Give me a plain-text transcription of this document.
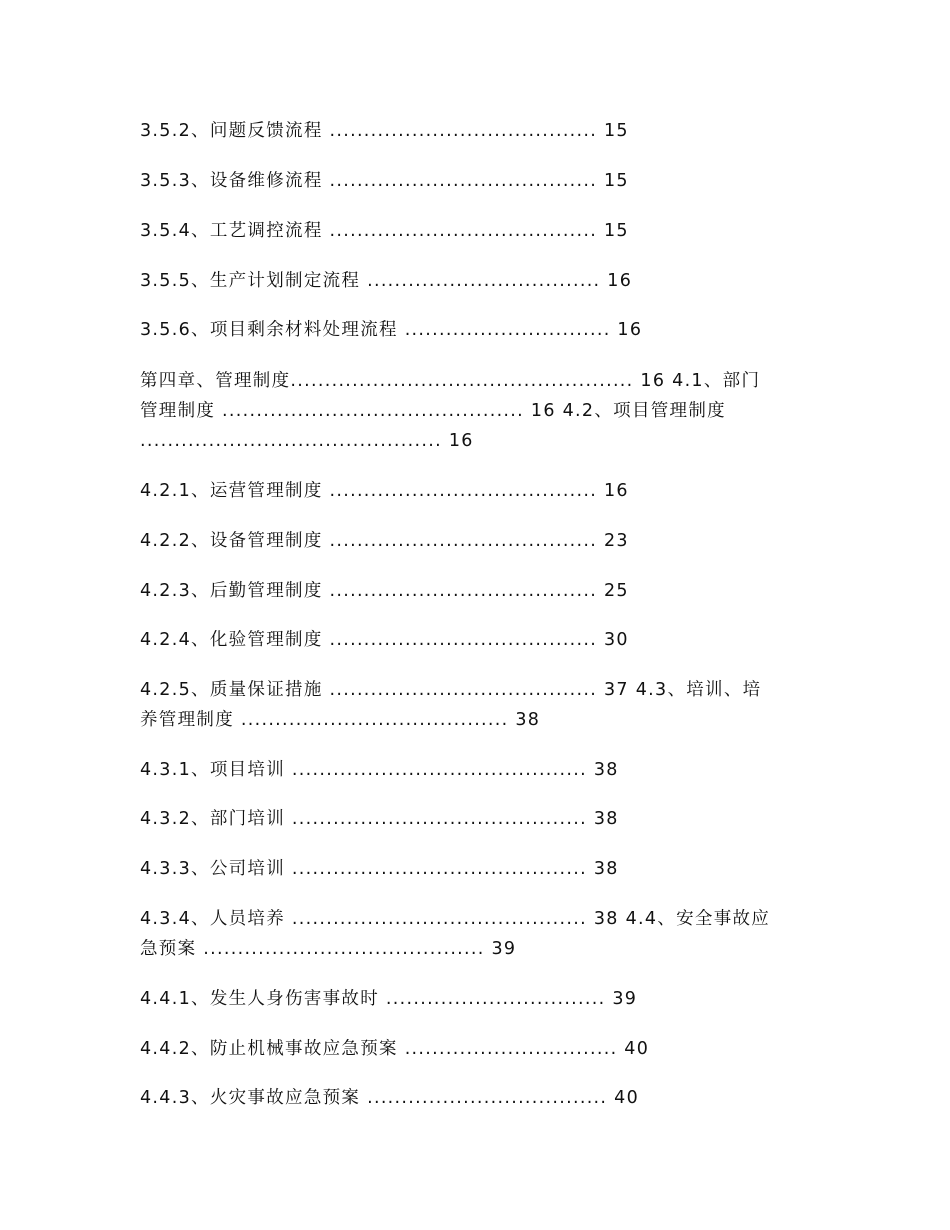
3.5.2、问题反馈流程 ....................................... 15
3.5.3、设备维修流程 ....................................... 15
3.5.4、工艺调控流程 ....................................... 15
3.5.5、生产计划制定流程 .................................. 16
3.5.6、项目剩余材料处理流程 .............................. 16
第四章、管理制度.................................................. 16 4.1、部门
管理制度 ............................................ 16 4.2、项目管理制度
............................................ 16
4.2.1、运营管理制度 ....................................... 16
4.2.2、设备管理制度 ....................................... 23
4.2.3、后勤管理制度 ....................................... 25
4.2.4、化验管理制度 ....................................... 30
4.2.5、质量保证措施 ....................................... 37 4.3、培训、培
养管理制度 ....................................... 38
4.3.1、项目培训 ........................................... 38
4.3.2、部门培训 ........................................... 38
4.3.3、公司培训 ........................................... 38
4.3.4、人员培养 ........................................... 38 4.4、安全事故应
急预案 ......................................... 39
4.4.1、发生人身伤害事故时 ................................ 39
4.4.2、防止机械事故应急预案 ............................... 40
4.4.3、火灾事故应急预案 ................................... 40
